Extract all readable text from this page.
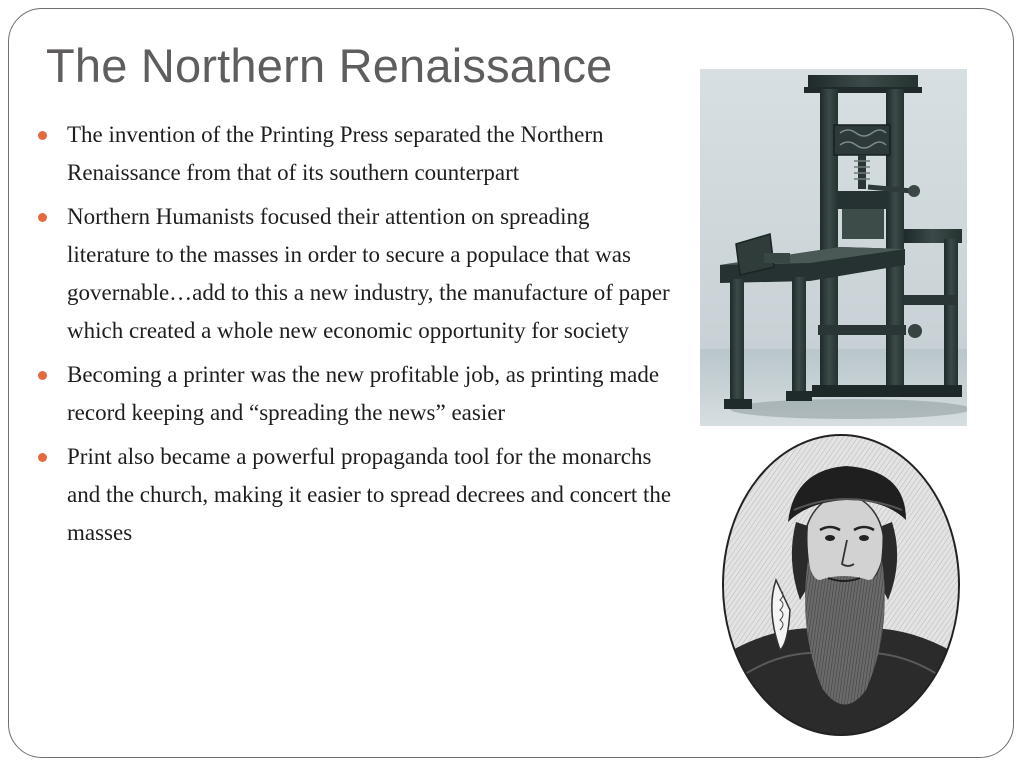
The Northern Renaissance
The invention of the Printing Press separated the Northern Renaissance from that of its southern counterpart
Northern Humanists focused their attention on spreading literature to the masses in order to secure a populace that was governable…add to this a new industry, the manufacture of paper which created a whole new economic opportunity for society
Becoming a printer was the new profitable job, as printing made record keeping and “spreading the news” easier
Print also became a powerful propaganda tool for the monarchs and the church, making it easier to spread decrees and concert the masses
